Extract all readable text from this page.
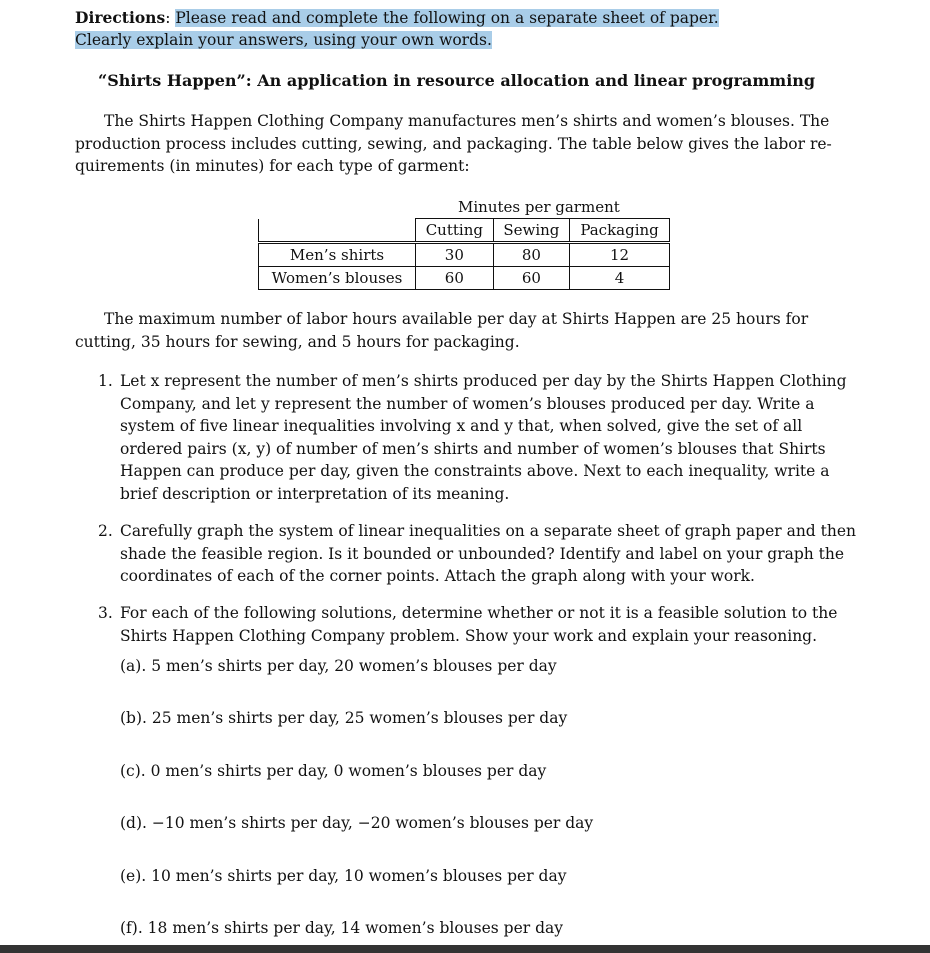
Directions: Please read and complete the following on a separate sheet of paper.
Clearly explain your answers, using your own words.
“Shirts Happen”: An application in resource allocation and linear programming
The Shirts Happen Clothing Company manufactures men’s shirts and women’s blouses. The
production process includes cutting, sewing, and packaging. The table below gives the labor re-
quirements (in minutes) for each type of garment:
Minutes per garment
	Cutting	Sewing	Packaging
Men’s shirts	30	80	12
Women’s blouses	60	60	4
The maximum number of labor hours available per day at Shirts Happen are 25 hours for
cutting, 35 hours for sewing, and 5 hours for packaging.
1. Let x represent the number of men’s shirts produced per day by the Shirts Happen Clothing
Company, and let y represent the number of women’s blouses produced per day. Write a
system of five linear inequalities involving x and y that, when solved, give the set of all
ordered pairs (x, y) of number of men’s shirts and number of women’s blouses that Shirts
Happen can produce per day, given the constraints above. Next to each inequality, write a
brief description or interpretation of its meaning.
2. Carefully graph the system of linear inequalities on a separate sheet of graph paper and then
shade the feasible region. Is it bounded or unbounded? Identify and label on your graph the
coordinates of each of the corner points. Attach the graph along with your work.
3. For each of the following solutions, determine whether or not it is a feasible solution to the
Shirts Happen Clothing Company problem. Show your work and explain your reasoning.
(a). 5 men’s shirts per day, 20 women’s blouses per day
(b). 25 men’s shirts per day, 25 women’s blouses per day
(c). 0 men’s shirts per day, 0 women’s blouses per day
(d). −10 men’s shirts per day, −20 women’s blouses per day
(e). 10 men’s shirts per day, 10 women’s blouses per day
(f). 18 men’s shirts per day, 14 women’s blouses per day
